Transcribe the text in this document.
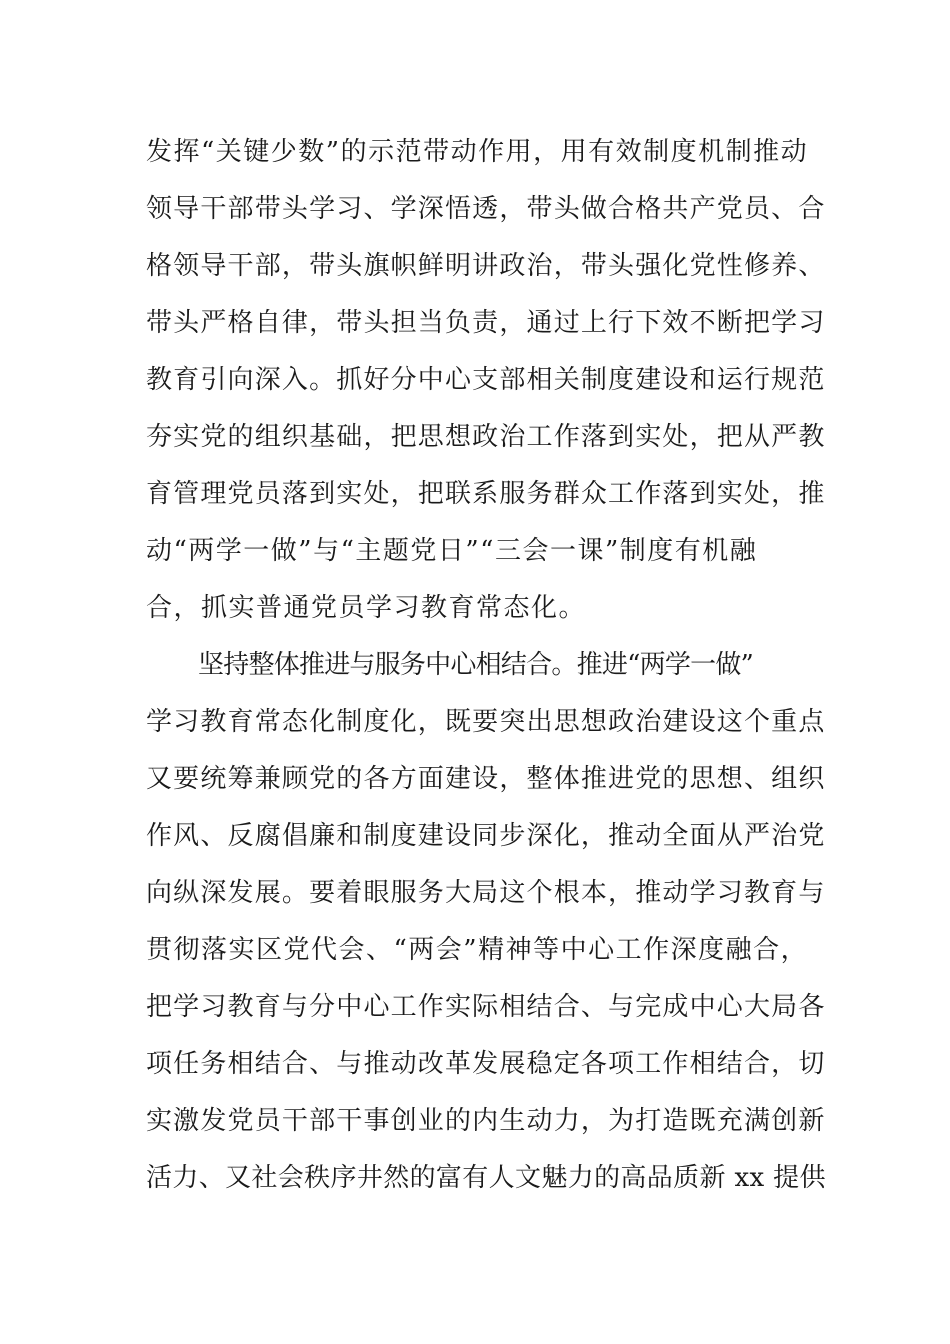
发挥“关键少数”的示范带动作用，用有效制度机制推动
领导干部带头学习、学深悟透，带头做合格共产党员、合
格领导干部，带头旗帜鲜明讲政治，带头强化党性修养、
带头严格自律，带头担当负责，通过上行下效不断把学习
教育引向深入。抓好分中心支部相关制度建设和运行规范
夯实党的组织基础，把思想政治工作落到实处，把从严教
育管理党员落到实处，把联系服务群众工作落到实处，推
动“两学一做”与“主题党日”“三会一课”制度有机融
合，抓实普通党员学习教育常态化。
坚持整体推进与服务中心相结合。推进“两学一做”
学习教育常态化制度化，既要突出思想政治建设这个重点
又要统筹兼顾党的各方面建设，整体推进党的思想、组织
作风、反腐倡廉和制度建设同步深化，推动全面从严治党
向纵深发展。要着眼服务大局这个根本，推动学习教育与
贯彻落实区党代会、“两会”精神等中心工作深度融合，
把学习教育与分中心工作实际相结合、与完成中心大局各
项任务相结合、与推动改革发展稳定各项工作相结合，切
实激发党员干部干事创业的内生动力，为打造既充满创新
活力、又社会秩序井然的富有人文魅力的高品质新 xx 提供
